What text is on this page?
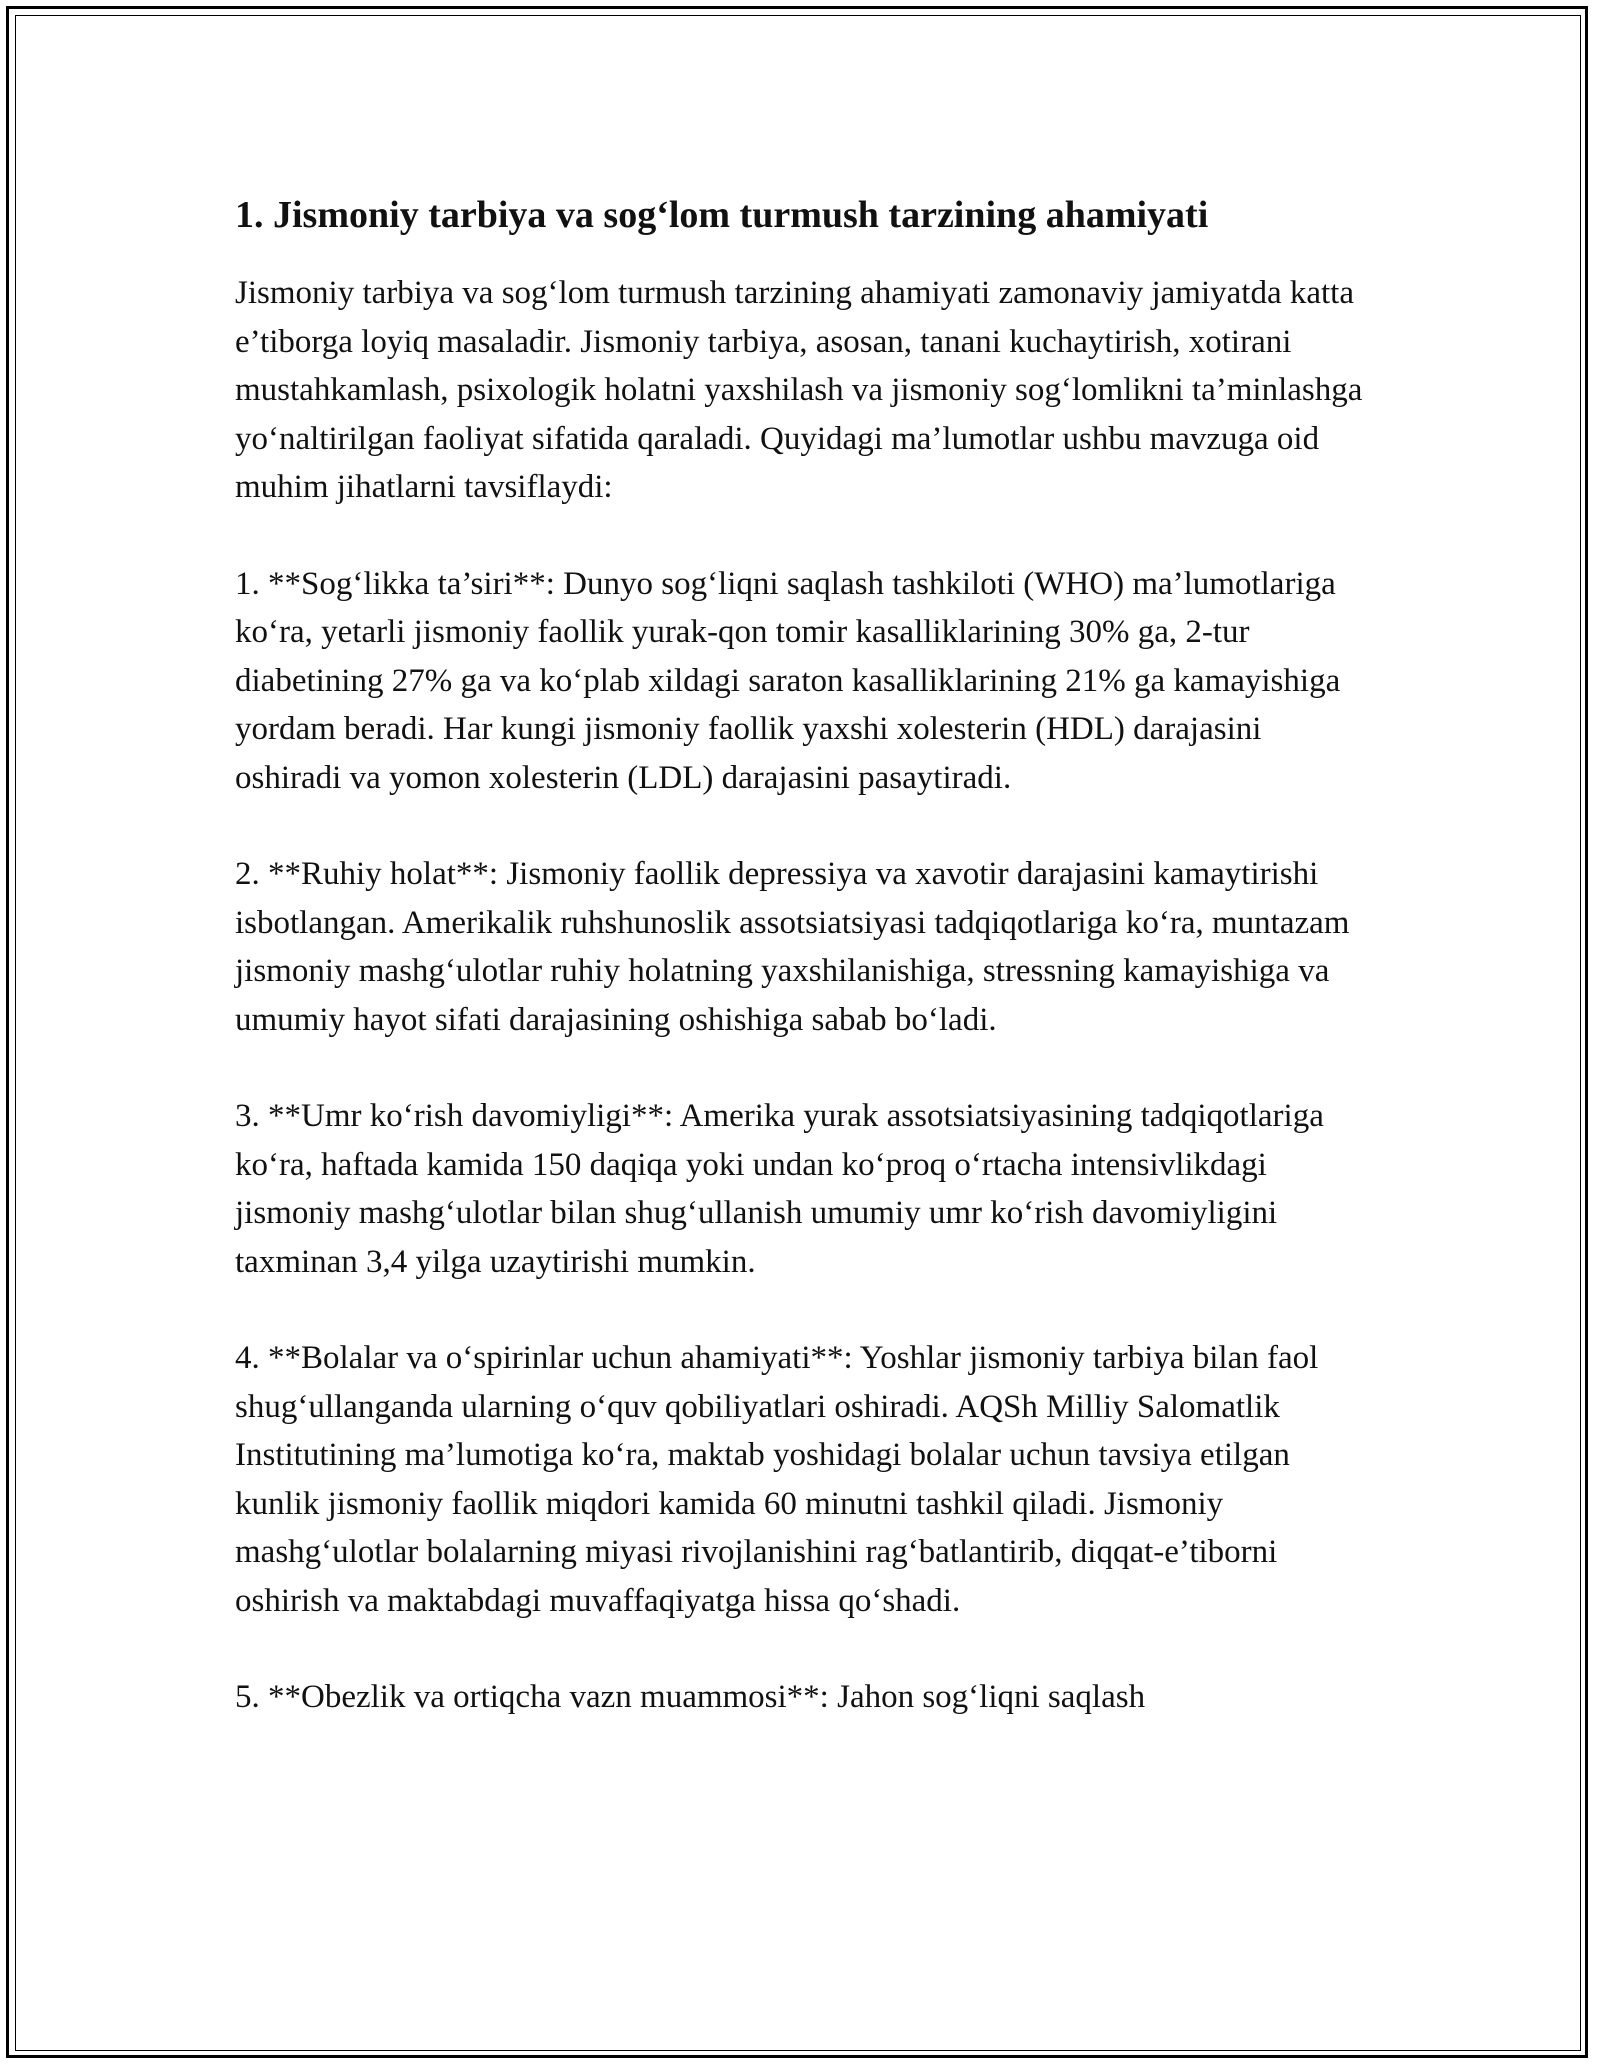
1. Jismoniy tarbiya va sog‘lom turmush tarzining ahamiyati

Jismoniy tarbiya va sog‘lom turmush tarzining ahamiyati zamonaviy jamiyatda katta e’tiborga loyiq masaladir. Jismoniy tarbiya, asosan, tanani kuchaytirish, xotirani mustahkamlash, psixologik holatni yaxshilash va jismoniy sog‘lomlikni ta’minlashga yo‘naltirilgan faoliyat sifatida qaraladi. Quyidagi ma’lumotlar ushbu mavzuga oid muhim jihatlarni tavsiflaydi:

1. **Sog‘likka ta’siri**: Dunyo sog‘liqni saqlash tashkiloti (WHO) ma’lumotlariga ko‘ra, yetarli jismoniy faollik yurak-qon tomir kasalliklarining 30% ga, 2-tur diabetining 27% ga va ko‘plab xildagi saraton kasalliklarining 21% ga kamayishiga yordam beradi. Har kungi jismoniy faollik yaxshi xolesterin (HDL) darajasini oshiradi va yomon xolesterin (LDL) darajasini pasaytiradi.

2. **Ruhiy holat**: Jismoniy faollik depressiya va xavotir darajasini kamaytirishi isbotlangan. Amerikalik ruhshunoslik assotsiatsiyasi tadqiqotlariga ko‘ra, muntazam jismoniy mashg‘ulotlar ruhiy holatning yaxshilanishiga, stressning kamayishiga va umumiy hayot sifati darajasining oshishiga sabab bo‘ladi.

3. **Umr ko‘rish davomiyligi**: Amerika yurak assotsiatsiyasining tadqiqotlariga ko‘ra, haftada kamida 150 daqiqa yoki undan ko‘proq o‘rtacha intensivlikdagi jismoniy mashg‘ulotlar bilan shug‘ullanish umumiy umr ko‘rish davomiyligini taxminan 3,4 yilga uzaytirishi mumkin.

4. **Bolalar va o‘spirinlar uchun ahamiyati**: Yoshlar jismoniy tarbiya bilan faol shug‘ullanganda ularning o‘quv qobiliyatlari oshiradi. AQSh Milliy Salomatlik Institutining ma’lumotiga ko‘ra, maktab yoshidagi bolalar uchun tavsiya etilgan kunlik jismoniy faollik miqdori kamida 60 minutni tashkil qiladi. Jismoniy mashg‘ulotlar bolalarning miyasi rivojlanishini rag‘batlantirib, diqqat-e’tiborni oshirish va maktabdagi muvaffaqiyatga hissa qo‘shadi.

5. **Obezlik va ortiqcha vazn muammosi**: Jahon sog‘liqni saqlash
